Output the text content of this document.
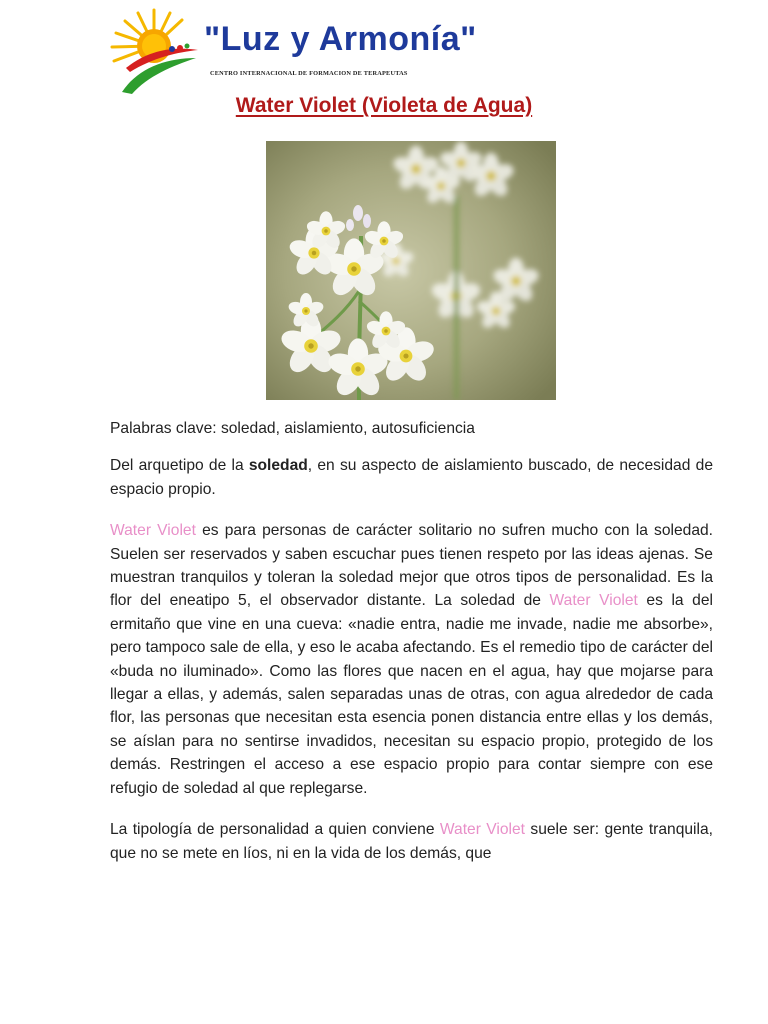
"Luz y Armonía"
CENTRO INTERNACIONAL DE FORMACION DE TERAPEUTAS
Water Violet (Violeta de Agua)

Palabras clave: soledad, aislamiento, autosuficiencia

Del arquetipo de la soledad, en su aspecto de aislamiento buscado, de necesidad de espacio propio.

Water Violet es para personas de carácter solitario no sufren mucho con la soledad. Suelen ser reservados y saben escuchar pues tienen respeto por las ideas ajenas. Se muestran tranquilos y toleran la soledad mejor que otros tipos de personalidad. Es la flor del eneatipo 5, el observador distante. La soledad de Water Violet es la del ermitaño que vine en una cueva: «nadie entra, nadie me invade, nadie me absorbe», pero tampoco sale de ella, y eso le acaba afectando. Es el remedio tipo de carácter del «buda no iluminado». Como las flores que nacen en el agua, hay que mojarse para llegar a ellas, y además, salen separadas unas de otras, con agua alrededor de cada flor, las personas que necesitan esta esencia ponen distancia entre ellas y los demás, se aíslan para no sentirse invadidos, necesitan su espacio propio, protegido de los demás. Restringen el acceso a ese espacio propio para contar siempre con ese refugio de soledad al que replegarse.

La tipología de personalidad a quien conviene Water Violet suele ser: gente tranquila, que no se mete en líos, ni en la vida de los demás, que
